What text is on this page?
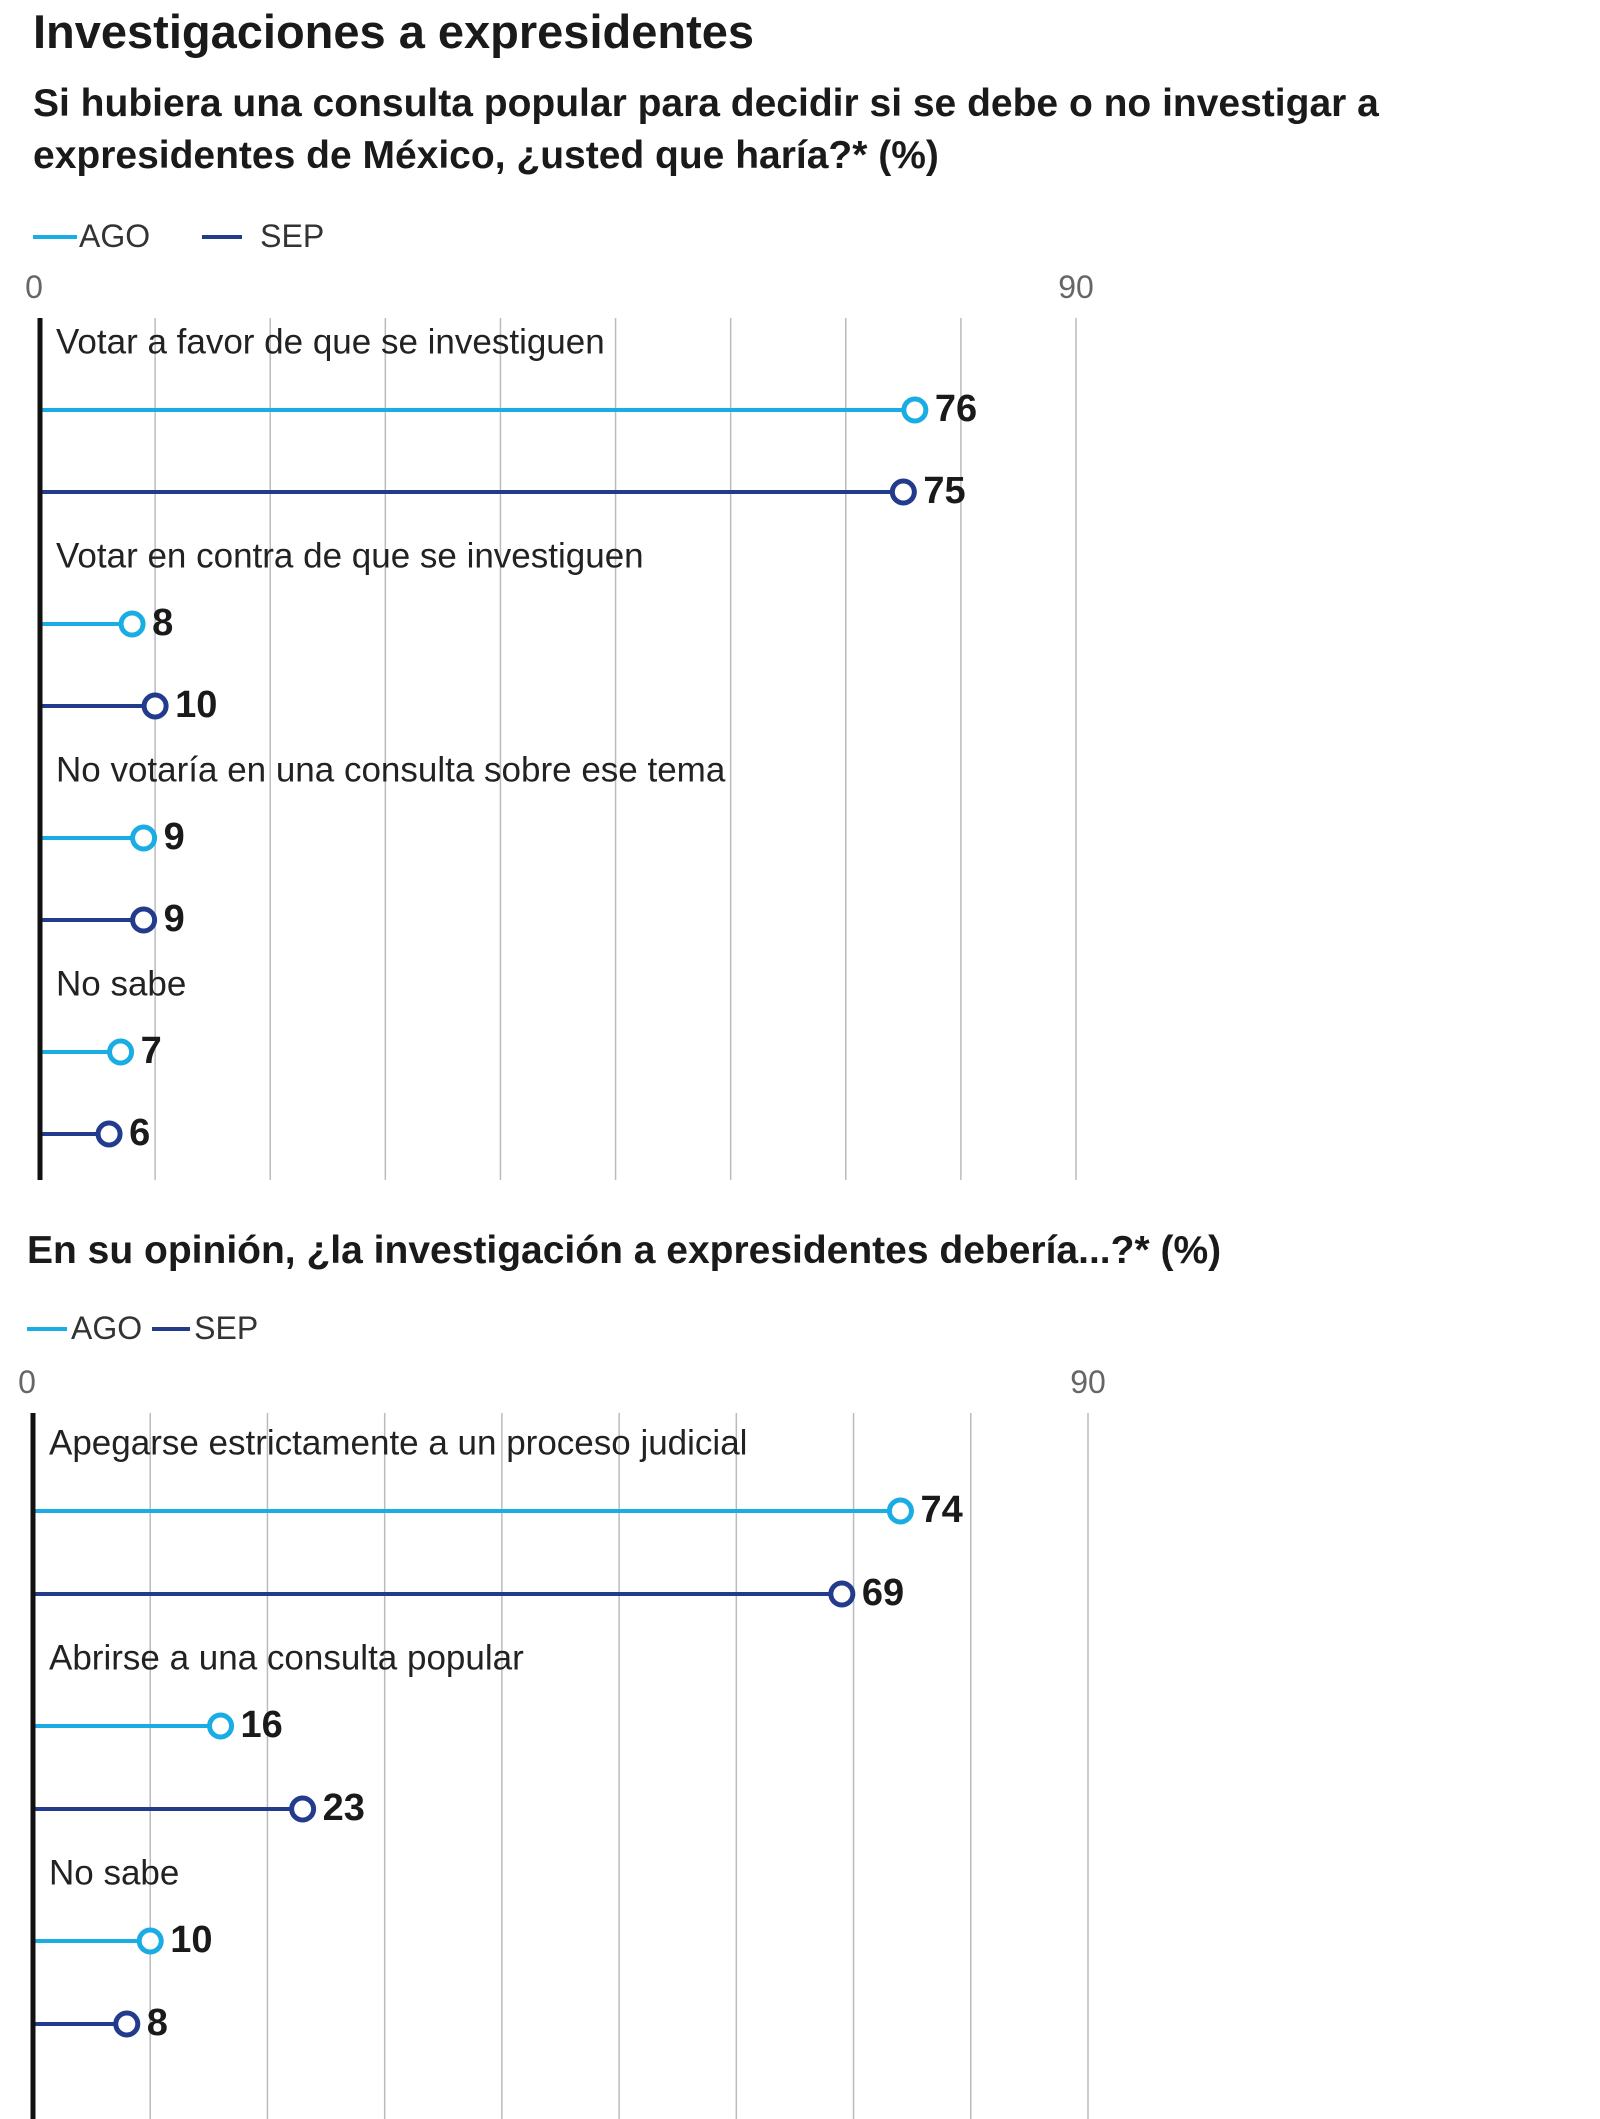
Investigaciones a expresidentes
Si hubiera una consulta popular para decidir si se debe o no investigar a
expresidentes de México, ¿usted que haría?* (%)
AGO	SEP
0	90
Votar a favor de que se investiguen
76
75
Votar en contra de que se investiguen
8
10
No votaría en una consulta sobre ese tema
9
9
No sabe
7
6
En su opinión, ¿la investigación a expresidentes debería...?* (%)
AGO SEP
0	90
Apegarse estrictamente a un proceso judicial
74
69
Abrirse a una consulta popular
16
23
No sabe
10
8
